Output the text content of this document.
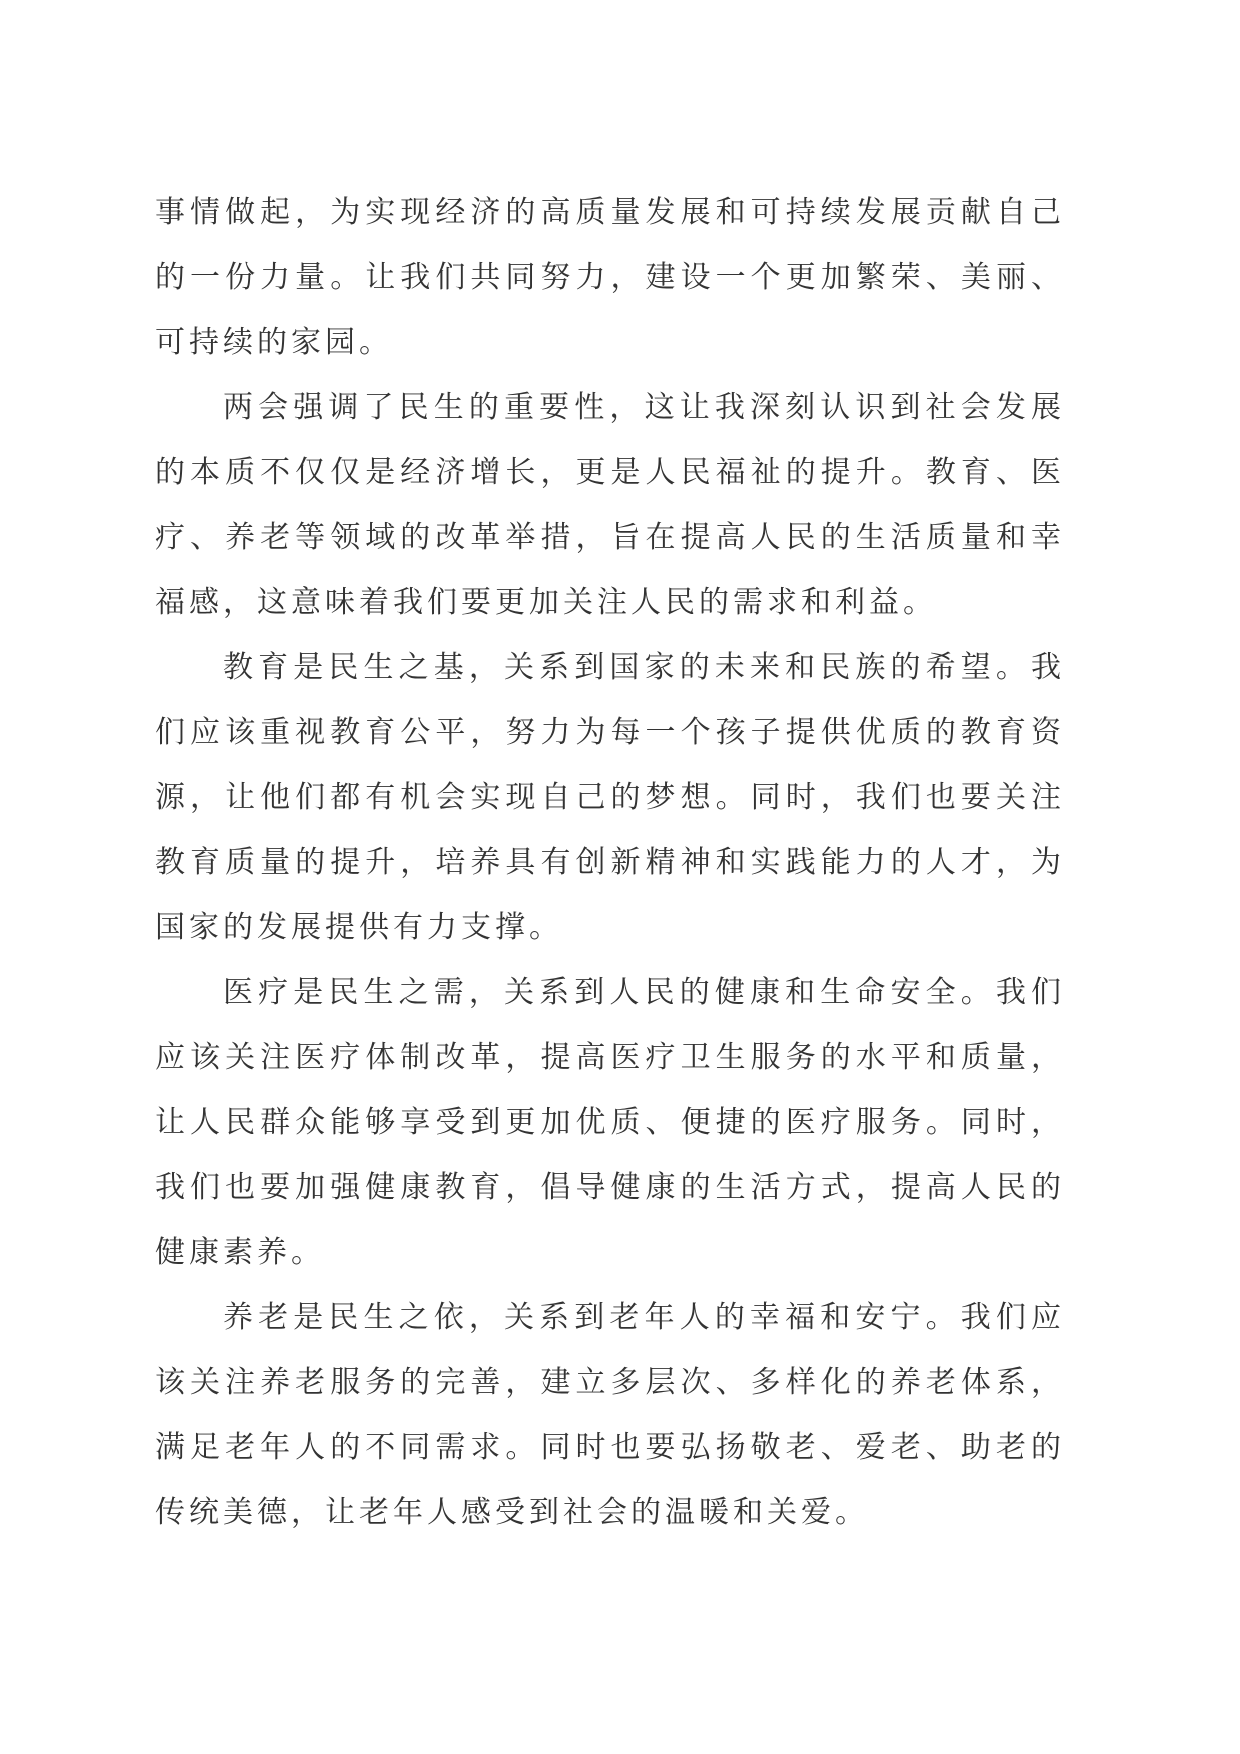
事情做起，为实现经济的高质量发展和可持续发展贡献自己的一份力量。让我们共同努力，建设一个更加繁荣、美丽、可持续的家园。

两会强调了民生的重要性，这让我深刻认识到社会发展的本质不仅仅是经济增长，更是人民福祉的提升。教育、医疗、养老等领域的改革举措，旨在提高人民的生活质量和幸福感，这意味着我们要更加关注人民的需求和利益。

教育是民生之基，关系到国家的未来和民族的希望。我们应该重视教育公平，努力为每一个孩子提供优质的教育资源，让他们都有机会实现自己的梦想。同时，我们也要关注教育质量的提升，培养具有创新精神和实践能力的人才，为国家的发展提供有力支撑。

医疗是民生之需，关系到人民的健康和生命安全。我们应该关注医疗体制改革，提高医疗卫生服务的水平和质量，让人民群众能够享受到更加优质、便捷的医疗服务。同时，我们也要加强健康教育，倡导健康的生活方式，提高人民的健康素养。

养老是民生之依，关系到老年人的幸福和安宁。我们应该关注养老服务的完善，建立多层次、多样化的养老体系，满足老年人的不同需求。同时也要弘扬敬老、爱老、助老的传统美德，让老年人感受到社会的温暖和关爱。
